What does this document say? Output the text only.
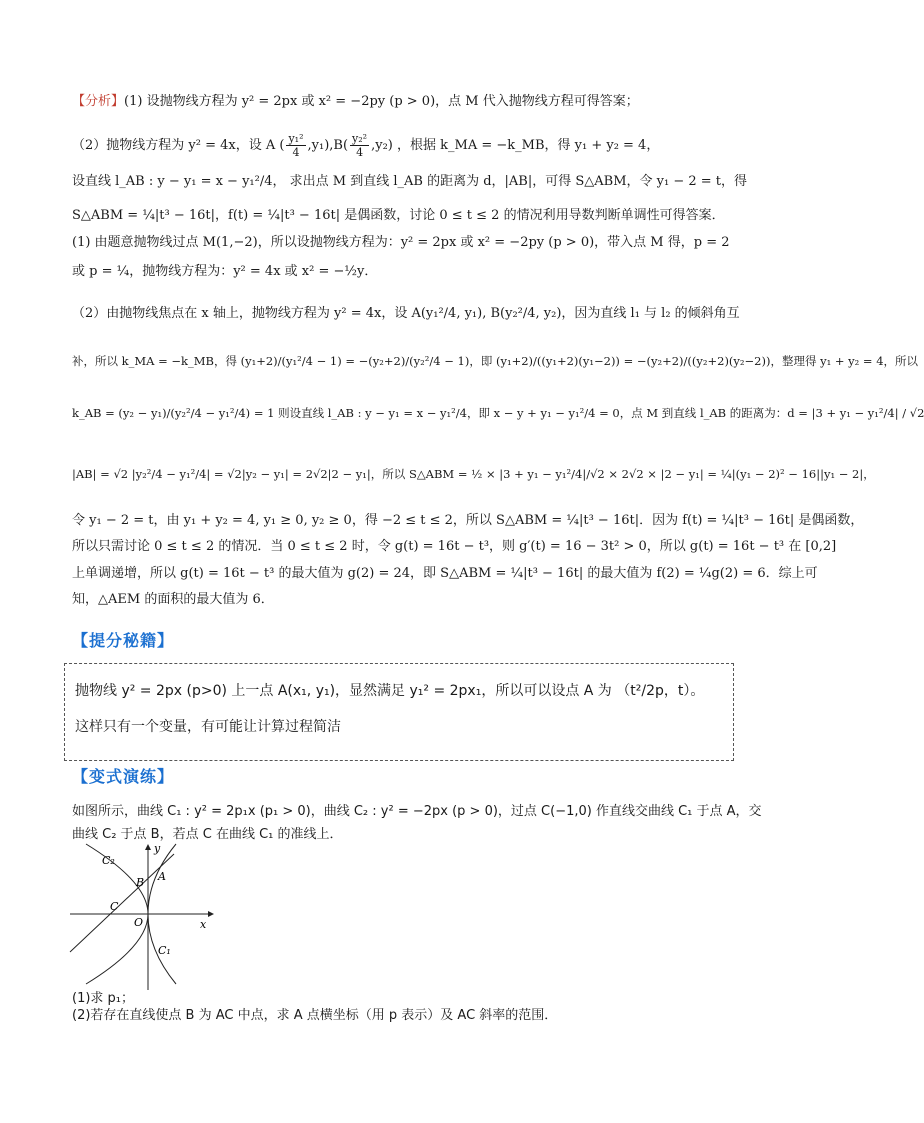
【分析】(1) 设抛物线方程为 y² = 2px 或 x² = −2py (p > 0)，点 M 代入抛物线方程可得答案；
（2）抛物线方程为 y² = 4x，设 A ( $\frac{\text{y₁²}}{4} ,y_1),B( \frac{\text{y₂²}}{4} ,y_2)$ ，根据 k_MA = −k_MB，得 y₁ + y₂ = 4，
设直线 l_AB : y − y₁ = x − y₁²/4， 求出点 M 到直线 l_AB 的距离为 d，|AB|，可得 S△ABM，令 y₁ − 2 = t，得
S△ABM = ¼|t³ − 16t|，f(t) = ¼|t³ − 16t| 是偶函数，讨论 0 ≤ t ≤ 2 的情况利用导数判断单调性可得答案．
(1) 由题意抛物线过点 M(1,−2)，所以设抛物线方程为：y² = 2px 或 x² = −2py (p > 0)，带入点 M 得，p = 2
或 p = ¼，抛物线方程为：y² = 4x 或 x² = −½y．
（2）由抛物线焦点在 x 轴上，抛物线方程为 y² = 4x，设 A(y₁²/4, y₁), B(y₂²/4, y₂)，因为直线 l₁ 与 l₂ 的倾斜角互
补，所以 k_MA = −k_MB，得 (y₁+2)/(y₁²/4 − 1) = −(y₂+2)/(y₂²/4 − 1)，即 (y₁+2)/((y₁+2)(y₁−2)) = −(y₂+2)/((y₂+2)(y₂−2))，整理得 y₁ + y₂ = 4，所以
k_AB = (y₂ − y₁)/(y₂²/4 − y₁²/4) = 1 则设直线 l_AB : y − y₁ = x − y₁²/4，即 x − y + y₁ − y₁²/4 = 0，点 M 到直线 l_AB 的距离为：d = |3 + y₁ − y₁²/4| / √2
|AB| = √2 |y₂²/4 − y₁²/4| = √2|y₂ − y₁| = 2√2|2 − y₁|，所以 S△ABM = ½ × |3 + y₁ − y₁²/4|/√2 × 2√2 × |2 − y₁| = ¼|(y₁ − 2)² − 16||y₁ − 2|，
令 y₁ − 2 = t，由 y₁ + y₂ = 4, y₁ ≥ 0, y₂ ≥ 0，得 −2 ≤ t ≤ 2，所以 S△ABM = ¼|t³ − 16t|．因为 f(t) = ¼|t³ − 16t| 是偶函数，
所以只需讨论 0 ≤ t ≤ 2 的情况．当 0 ≤ t ≤ 2 时，令 g(t) = 16t − t³，则 g′(t) = 16 − 3t² > 0，所以 g(t) = 16t − t³ 在 [0,2]
上单调递增，所以 g(t) = 16t − t³ 的最大值为 g(2) = 24，即 S△ABM = ¼|t³ − 16t| 的最大值为 f(2) = ¼g(2) = 6．综上可
知，△AEM 的面积的最大值为 6．
【提分秘籍】
抛物线 y² = 2px (p>0) 上一点 A(x₁, y₁)，显然满足 y₁² = 2px₁，所以可以设点 A 为 （t²/2p，t）。
这样只有一个变量，有可能让计算过程简洁
【变式演练】
如图所示，曲线 C₁ : y² = 2p₁x (p₁ > 0)，曲线 C₂ : y² = −2px (p > 0)，过点 C(−1,0) 作直线交曲线 C₁ 于点 A，交
曲线 C₂ 于点 B，若点 C 在曲线 C₁ 的准线上．
y
x
C₂
C₁
B A
C
O
(1)求 p₁；
(2)若存在直线使点 B 为 AC 中点，求 A 点横坐标（用 p 表示）及 AC 斜率的范围．
